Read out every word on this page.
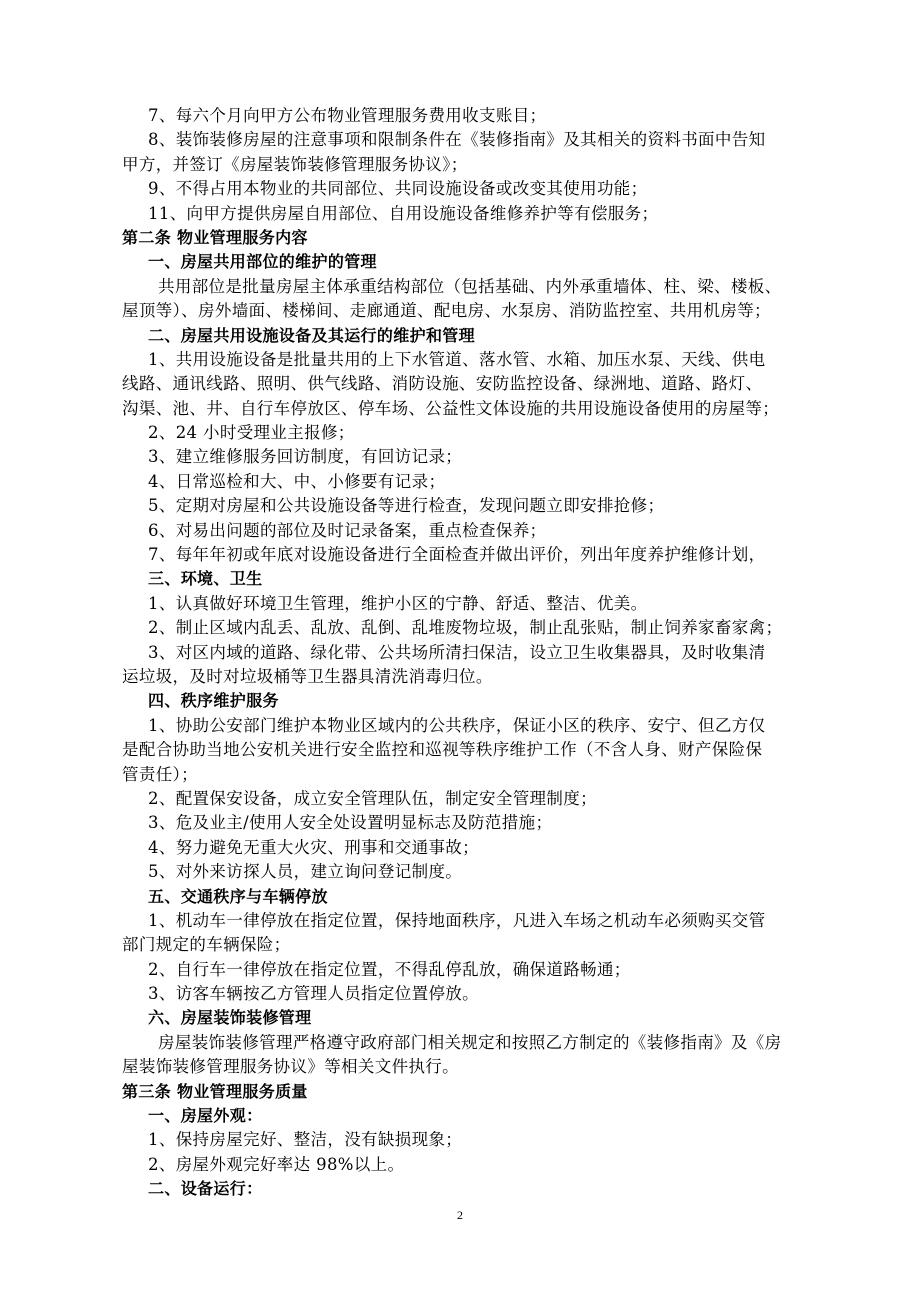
7、每六个月向甲方公布物业管理服务费用收支账目；
8、装饰装修房屋的注意事项和限制条件在《装修指南》及其相关的资料书面中告知
甲方，并签订《房屋装饰装修管理服务协议》；
9、不得占用本物业的共同部位、共同设施设备或改变其使用功能；
11、向甲方提供房屋自用部位、自用设施设备维修养护等有偿服务；
第二条 物业管理服务内容
一、房屋共用部位的维护的管理
共用部位是批量房屋主体承重结构部位（包括基础、内外承重墙体、柱、梁、楼板、
屋顶等）、房外墙面、楼梯间、走廊通道、配电房、水泵房、消防监控室、共用机房等；
二、房屋共用设施设备及其运行的维护和管理
1、共用设施设备是批量共用的上下水管道、落水管、水箱、加压水泵、天线、供电
线路、通讯线路、照明、供气线路、消防设施、安防监控设备、绿洲地、道路、路灯、
沟渠、池、井、自行车停放区、停车场、公益性文体设施的共用设施设备使用的房屋等；
2、24 小时受理业主报修；
3、建立维修服务回访制度，有回访记录；
4、日常巡检和大、中、小修要有记录；
5、定期对房屋和公共设施设备等进行检查，发现问题立即安排抢修；
6、对易出问题的部位及时记录备案，重点检查保养；
7、每年年初或年底对设施设备进行全面检查并做出评价，列出年度养护维修计划，
三、环境、卫生
1、认真做好环境卫生管理，维护小区的宁静、舒适、整洁、优美。
2、制止区域内乱丢、乱放、乱倒、乱堆废物垃圾，制止乱张贴，制止饲养家畜家禽；
3、对区内域的道路、绿化带、公共场所清扫保洁，设立卫生收集器具，及时收集清
运垃圾，及时对垃圾桶等卫生器具清洗消毒归位。
四、秩序维护服务
1、协助公安部门维护本物业区域内的公共秩序，保证小区的秩序、安宁、但乙方仅
是配合协助当地公安机关进行安全监控和巡视等秩序维护工作（不含人身、财产保险保
管责任）；
2、配置保安设备，成立安全管理队伍，制定安全管理制度；
3、危及业主/使用人安全处设置明显标志及防范措施；
4、努力避免无重大火灾、刑事和交通事故；
5、对外来访探人员，建立询问登记制度。
五、交通秩序与车辆停放
1、机动车一律停放在指定位置，保持地面秩序，凡进入车场之机动车必须购买交管
部门规定的车辆保险；
2、自行车一律停放在指定位置，不得乱停乱放，确保道路畅通；
3、访客车辆按乙方管理人员指定位置停放。
六、房屋装饰装修管理
房屋装饰装修管理严格遵守政府部门相关规定和按照乙方制定的《装修指南》及《房
屋装饰装修管理服务协议》等相关文件执行。
第三条 物业管理服务质量
一、房屋外观：
1、保持房屋完好、整洁，没有缺损现象；
2、房屋外观完好率达 98%以上。
二、设备运行：
2
